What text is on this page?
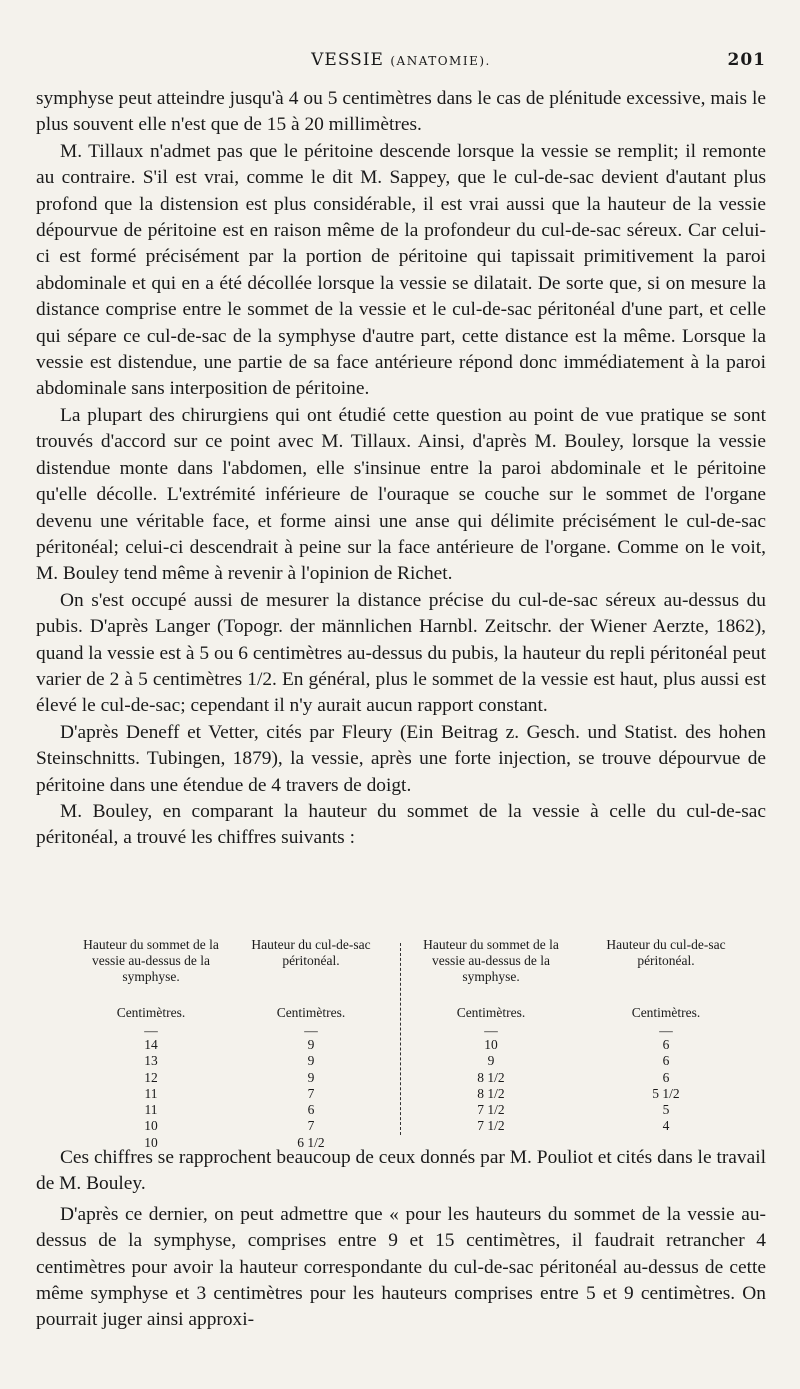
VESSIE (ANATOMIE).	201

symphyse peut atteindre jusqu'à 4 ou 5 centimètres dans le cas de plénitude excessive, mais le plus souvent elle n'est que de 15 à 20 millimètres.

M. Tillaux n'admet pas que le péritoine descende lorsque la vessie se remplit; il remonte au contraire. S'il est vrai, comme le dit M. Sappey, que le cul-de-sac devient d'autant plus profond que la distension est plus considérable, il est vrai aussi que la hauteur de la vessie dépourvue de péritoine est en raison même de la profondeur du cul-de-sac séreux. Car celui-ci est formé précisément par la portion de péritoine qui tapissait primitivement la paroi abdominale et qui en a été décollée lorsque la vessie se dilatait. De sorte que, si on mesure la distance comprise entre le sommet de la vessie et le cul-de-sac péritonéal d'une part, et celle qui sépare ce cul-de-sac de la symphyse d'autre part, cette distance est la même. Lorsque la vessie est distendue, une partie de sa face antérieure répond donc immédiatement à la paroi abdominale sans interposition de péritoine.

La plupart des chirurgiens qui ont étudié cette question au point de vue pratique se sont trouvés d'accord sur ce point avec M. Tillaux. Ainsi, d'après M. Bouley, lorsque la vessie distendue monte dans l'abdomen, elle s'insinue entre la paroi abdominale et le péritoine qu'elle décolle. L'extrémité inférieure de l'ouraque se couche sur le sommet de l'organe devenu une véritable face, et forme ainsi une anse qui délimite précisément le cul-de-sac péritonéal; celui-ci descendrait à peine sur la face antérieure de l'organe. Comme on le voit, M. Bouley tend même à revenir à l'opinion de Richet.

On s'est occupé aussi de mesurer la distance précise du cul-de-sac séreux au-dessus du pubis. D'après Langer (Topogr. der männlichen Harnbl. Zeitschr. der Wiener Aerzte, 1862), quand la vessie est à 5 ou 6 centimètres au-dessus du pubis, la hauteur du repli péritonéal peut varier de 2 à 5 centimètres 1/2. En général, plus le sommet de la vessie est haut, plus aussi est élevé le cul-de-sac; cependant il n'y aurait aucun rapport constant.

D'après Deneff et Vetter, cités par Fleury (Ein Beitrag z. Gesch. und Statist. des hohen Steinschnitts. Tubingen, 1879), la vessie, après une forte injection, se trouve dépourvue de péritoine dans une étendue de 4 travers de doigt.

M. Bouley, en comparant la hauteur du sommet de la vessie à celle du cul-de-sac péritonéal, a trouvé les chiffres suivants :

Hauteur du sommet de la vessie au-dessus de la symphyse.
Centimètres.
—
14
13
12
11
11
10
10
Hauteur du cul-de-sac péritonéal.
Centimètres.
—
9
9
9
7
6
7
6 1/2
Hauteur du sommet de la vessie au-dessus de la symphyse.
Centimètres.
—
10
9
8 1/2
8 1/2
7 1/2
7 1/2
Hauteur du cul-de-sac péritonéal.
Centimètres.
—
6
6
6
5 1/2
5
4

Ces chiffres se rapprochent beaucoup de ceux donnés par M. Pouliot et cités dans le travail de M. Bouley.

D'après ce dernier, on peut admettre que « pour les hauteurs du sommet de la vessie au-dessus de la symphyse, comprises entre 9 et 15 centimètres, il faudrait retrancher 4 centimètres pour avoir la hauteur correspondante du cul-de-sac péritonéal au-dessus de cette même symphyse et 3 centimètres pour les hauteurs comprises entre 5 et 9 centimètres. On pourrait juger ainsi approxi-
